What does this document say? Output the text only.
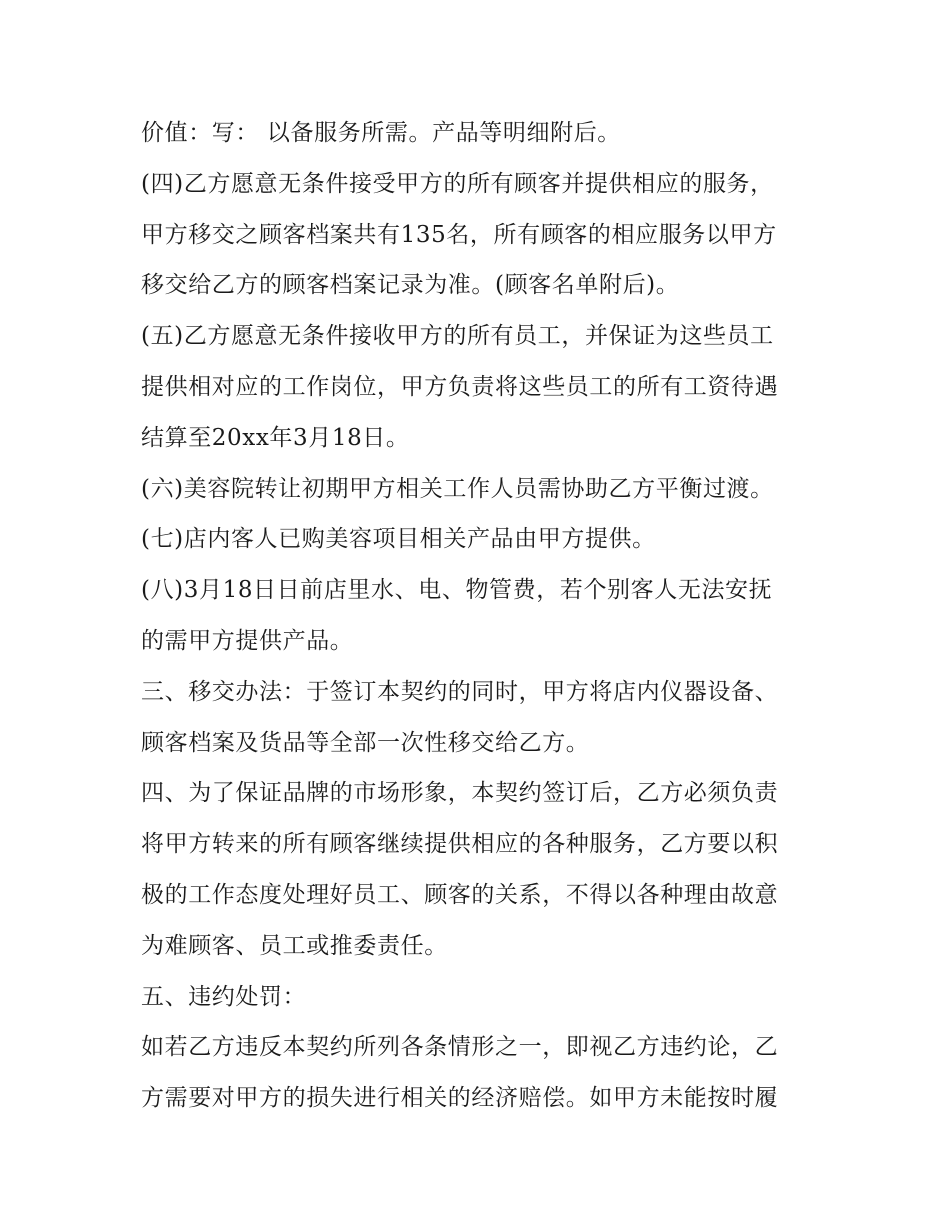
价值：写： 以备服务所需。产品等明细附后。
(四)乙方愿意无条件接受甲方的所有顾客并提供相应的服务，
甲方移交之顾客档案共有135名，所有顾客的相应服务以甲方
移交给乙方的顾客档案记录为准。(顾客名单附后)。
(五)乙方愿意无条件接收甲方的所有员工，并保证为这些员工
提供相对应的工作岗位，甲方负责将这些员工的所有工资待遇
结算至20xx年3月18日。
(六)美容院转让初期甲方相关工作人员需协助乙方平衡过渡。
(七)店内客人已购美容项目相关产品由甲方提供。
(八)3月18日日前店里水、电、物管费，若个别客人无法安抚
的需甲方提供产品。
三、移交办法：于签订本契约的同时，甲方将店内仪器设备、
顾客档案及货品等全部一次性移交给乙方。
四、为了保证品牌的市场形象，本契约签订后，乙方必须负责
将甲方转来的所有顾客继续提供相应的各种服务，乙方要以积
极的工作态度处理好员工、顾客的关系，不得以各种理由故意
为难顾客、员工或推委责任。
五、违约处罚：
如若乙方违反本契约所列各条情形之一，即视乙方违约论，乙
方需要对甲方的损失进行相关的经济赔偿。如甲方未能按时履
